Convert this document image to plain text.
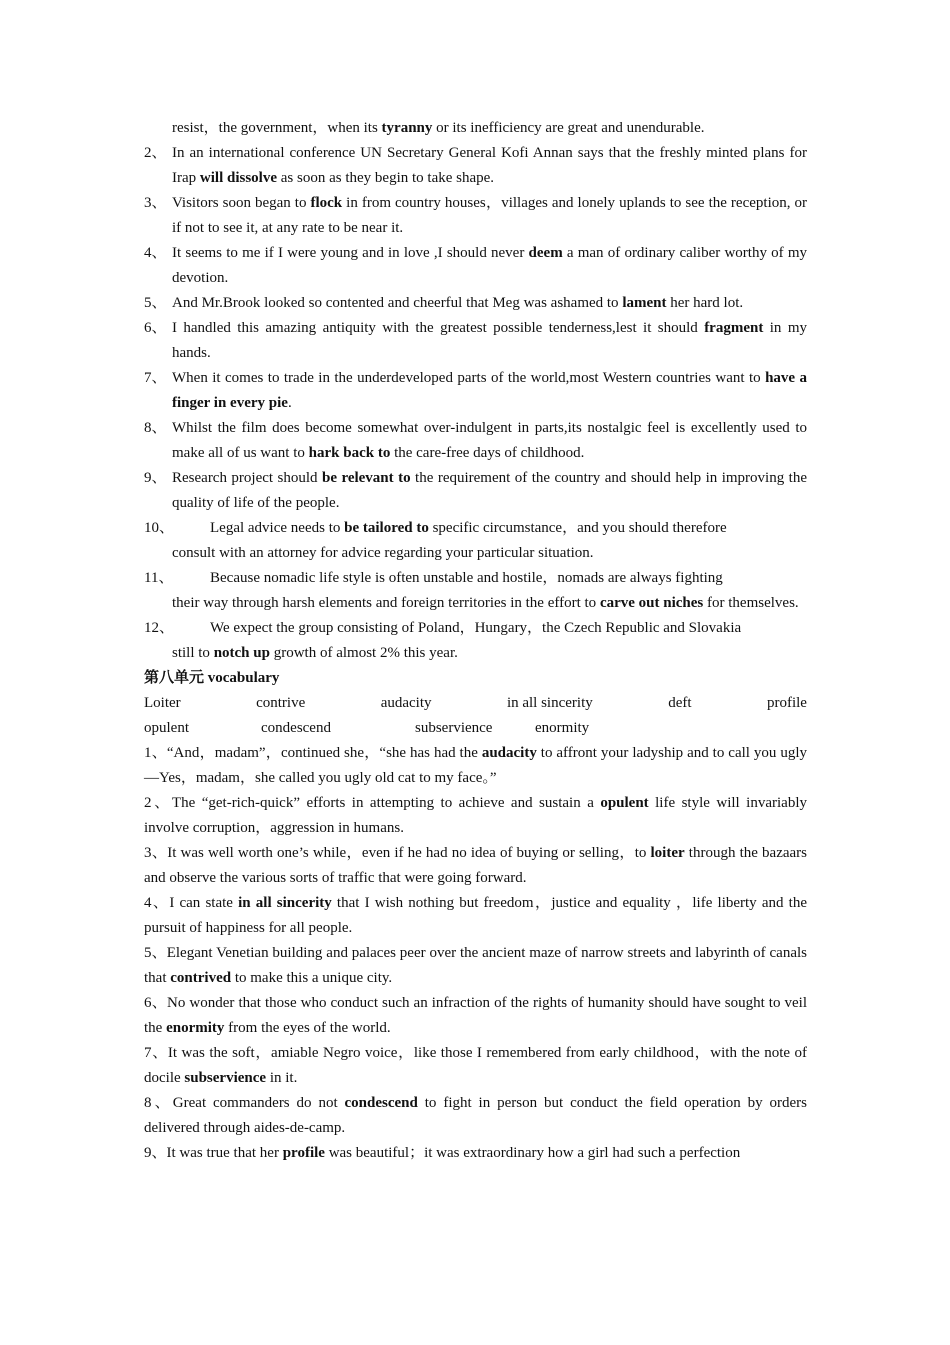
resist，the government，when its tyranny or its inefficiency are great and unendurable.
2、 In an international conference UN Secretary General Kofi Annan says that the freshly minted plans for Irap will dissolve as soon as they begin to take shape.
3、 Visitors soon began to flock in from country houses，villages and lonely uplands to see the reception, or if not to see it, at any rate to be near it.
4、 It seems to me if I were young and in love ,I should never deem a man of ordinary caliber worthy of my devotion.
5、 And Mr.Brook looked so contented and cheerful that Meg was ashamed to lament her hard lot.
6、 I handled this amazing antiquity with the greatest possible tenderness,lest it should fragment in my hands.
7、 When it comes to trade in the underdeveloped parts of the world,most Western countries want to have a finger in every pie.
8、 Whilst the film does become somewhat over-indulgent in parts,its nostalgic feel is excellently used to make all of us want to hark back to the care-free days of childhood.
9、 Research project should be relevant to the requirement of the country and should help in improving the quality of life of the people.
10、	Legal advice needs to be tailored to specific circumstance，and you should therefore
consult with an attorney for advice regarding your particular situation.
11、	Because nomadic life style is often unstable and hostile，nomads are always fighting
their way through harsh elements and foreign territories in the effort to carve out niches for themselves.
12、	We expect the group consisting of Poland，Hungary，the Czech Republic and Slovakia
still to notch up growth of almost 2% this year.
第八单元 vocabulary
Loiter	contrive	audacity	in all sincerity	deft	profile
opulent	condescend	subservience	enormity
1、“And，madam”，continued she，“she has had the audacity to affront your ladyship and to call you ugly—Yes，madam，she called you ugly old cat to my face。”
2、The “get-rich-quick” efforts in attempting to achieve and sustain a opulent life style will invariably involve corruption，aggression in humans.
3、It was well worth one’s while，even if he had no idea of buying or selling，to loiter through the bazaars and observe the various sorts of traffic that were going forward.
4、I can state in all sincerity that I wish nothing but freedom，justice and equality ，life liberty and the pursuit of happiness for all people.
5、Elegant Venetian building and palaces peer over the ancient maze of narrow streets and labyrinth of canals that contrived to make this a unique city.
6、No wonder that those who conduct such an infraction of the rights of humanity should have sought to veil the enormity from the eyes of the world.
7、It was the soft，amiable Negro voice，like those I remembered from early childhood，with the note of docile subservience in it.
8、Great commanders do not condescend to fight in person but conduct the field operation by orders delivered through aides-de-camp.
9、It was true that her profile was beautiful；it was extraordinary how a girl had such a perfection
